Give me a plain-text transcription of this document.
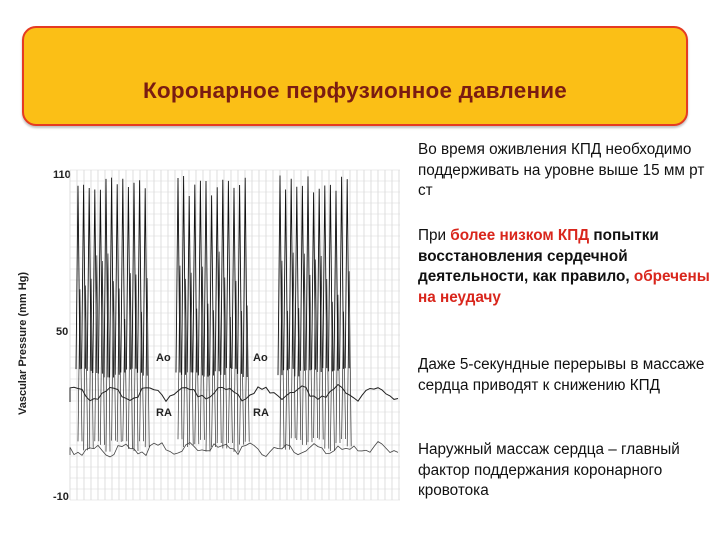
Коронарное перфузионное давление
Vascular Pressure (mm Hg)
110
50
-10
Ao	Ao
RA	RA

Во время оживления КПД необходимо поддерживать на уровне выше 15 мм рт ст

При более низком КПД попытки восстановления сердечной деятельности, как правило, обречены на неудачу

Даже 5-секундные перерывы в массаже сердца приводят к снижению КПД

Наружный массаж сердца – главный фактор поддержания коронарного кровотока
